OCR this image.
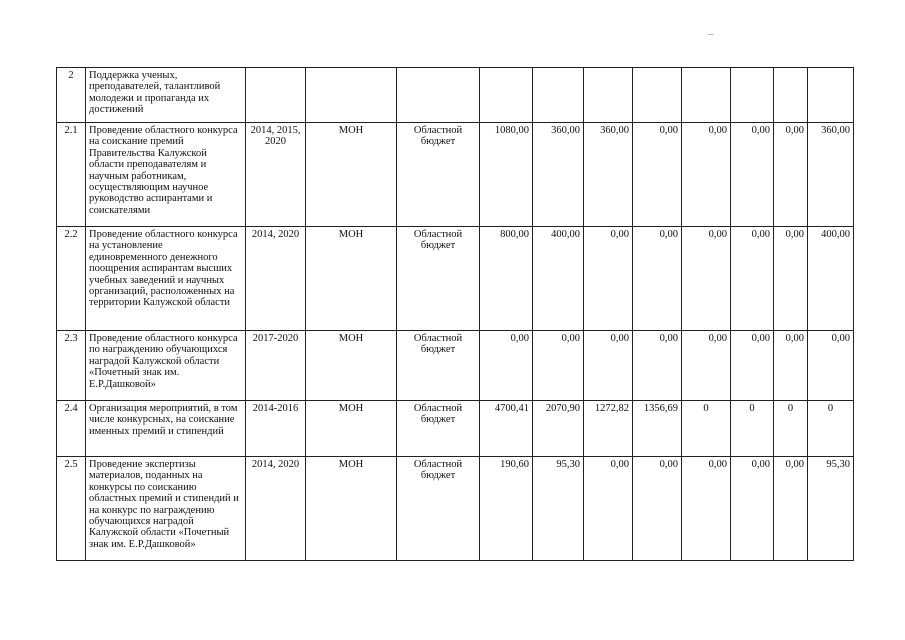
2	Поддержка ученых, преподавателей, талантливой молодежи и пропаганда их достижений											
2.1	Проведение областного конкурса на соискание премий Правительства Калужской области преподавателям и научным работникам, осуществляющим научное руководство аспирантами и соискателями	2014, 2015, 2020	МОН	Областной бюджет	1080,00	360,00	360,00	0,00	0,00	0,00	0,00	360,00
2.2	Проведение областного конкурса на установление единовременного денежного поощрения аспирантам высших учебных заведений и научных организаций, расположенных на территории Калужской области	2014, 2020	МОН	Областной бюджет	800,00	400,00	0,00	0,00	0,00	0,00	0,00	400,00
2.3	Проведение областного конкурса по награждению обучающихся наградой Калужской области «Почетный знак им. Е.Р.Дашковой»	2017-2020	МОН	Областной бюджет	0,00	0,00	0,00	0,00	0,00	0,00	0,00	0,00
2.4	Организация мероприятий, в том числе конкурсных, на соискание именных премий и стипендий	2014-2016	МОН	Областной бюджет	4700,41	2070,90	1272,82	1356,69	0	0	0	0
2.5	Проведение экспертизы материалов, поданных на конкурсы по соисканию областных премий и стипендий и на конкурс по награждению обучающихся наградой Калужской области «Почетный знак им. Е.Р.Дашковой»	2014, 2020	МОН	Областной бюджет	190,60	95,30	0,00	0,00	0,00	0,00	0,00	95,30
